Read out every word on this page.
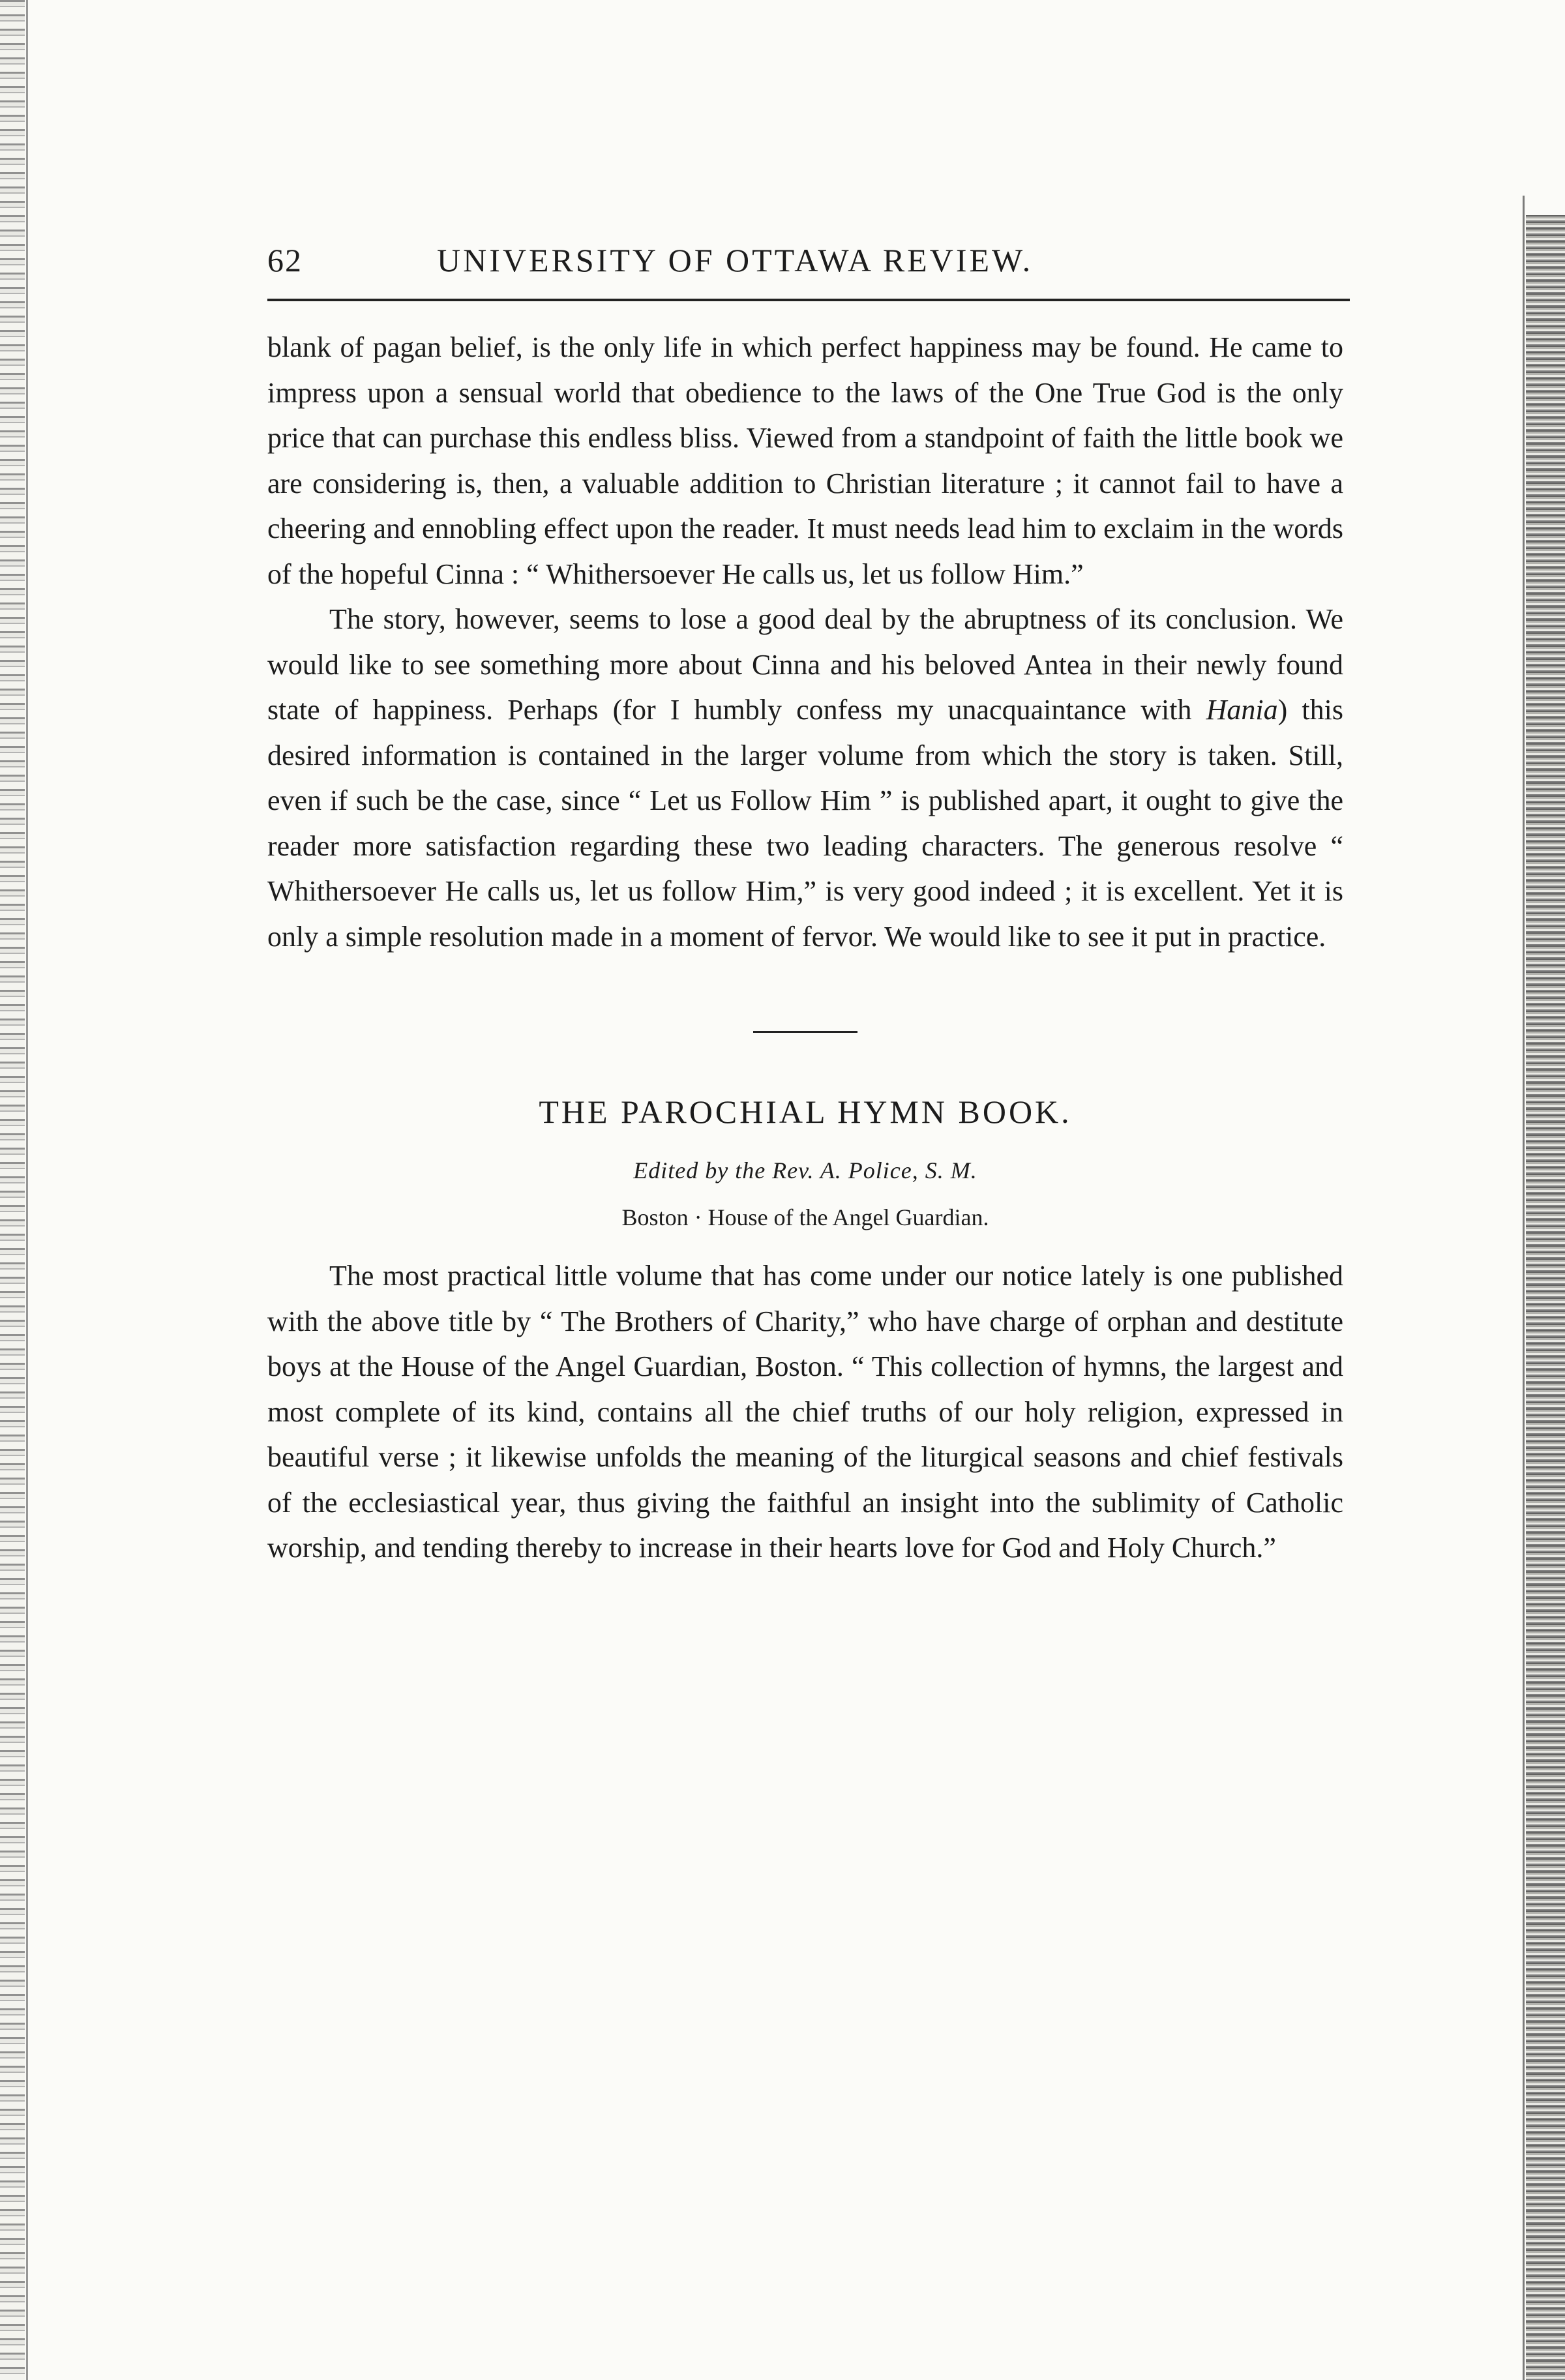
62	UNIVERSITY OF OTTAWA REVIEW.

blank of pagan belief, is the only life in which perfect happiness may be found. He came to impress upon a sensual world that obedience to the laws of the One True God is the only price that can purchase this endless bliss. Viewed from a standpoint of faith the little book we are considering is, then, a valuable addition to Christian literature ; it cannot fail to have a cheering and ennobling effect upon the reader. It must needs lead him to exclaim in the words of the hopeful Cinna : “ Whithersoever He calls us, let us follow Him.”

The story, however, seems to lose a good deal by the abruptness of its conclusion. We would like to see something more about Cinna and his beloved Antea in their newly found state of happiness. Perhaps (for I humbly confess my unacquaintance with Hania) this desired information is contained in the larger volume from which the story is taken. Still, even if such be the case, since “ Let us Follow Him ” is published apart, it ought to give the reader more satisfaction regarding these two leading characters. The generous resolve “ Whithersoever He calls us, let us follow Him,” is very good indeed ; it is excellent. Yet it is only a simple resolution made in a moment of fervor. We would like to see it put in practice.

THE PAROCHIAL HYMN BOOK.
Edited by the Rev. A. Police, S. M.
Boston · House of the Angel Guardian.

The most practical little volume that has come under our notice lately is one published with the above title by “ The Brothers of Charity,” who have charge of orphan and destitute boys at the House of the Angel Guardian, Boston. “ This collection of hymns, the largest and most complete of its kind, contains all the chief truths of our holy religion, expressed in beautiful verse ; it likewise unfolds the meaning of the liturgical seasons and chief festivals of the ecclesiastical year, thus giving the faithful an insight into the sublimity of Catholic worship, and tending thereby to increase in their hearts love for God and Holy Church.”
